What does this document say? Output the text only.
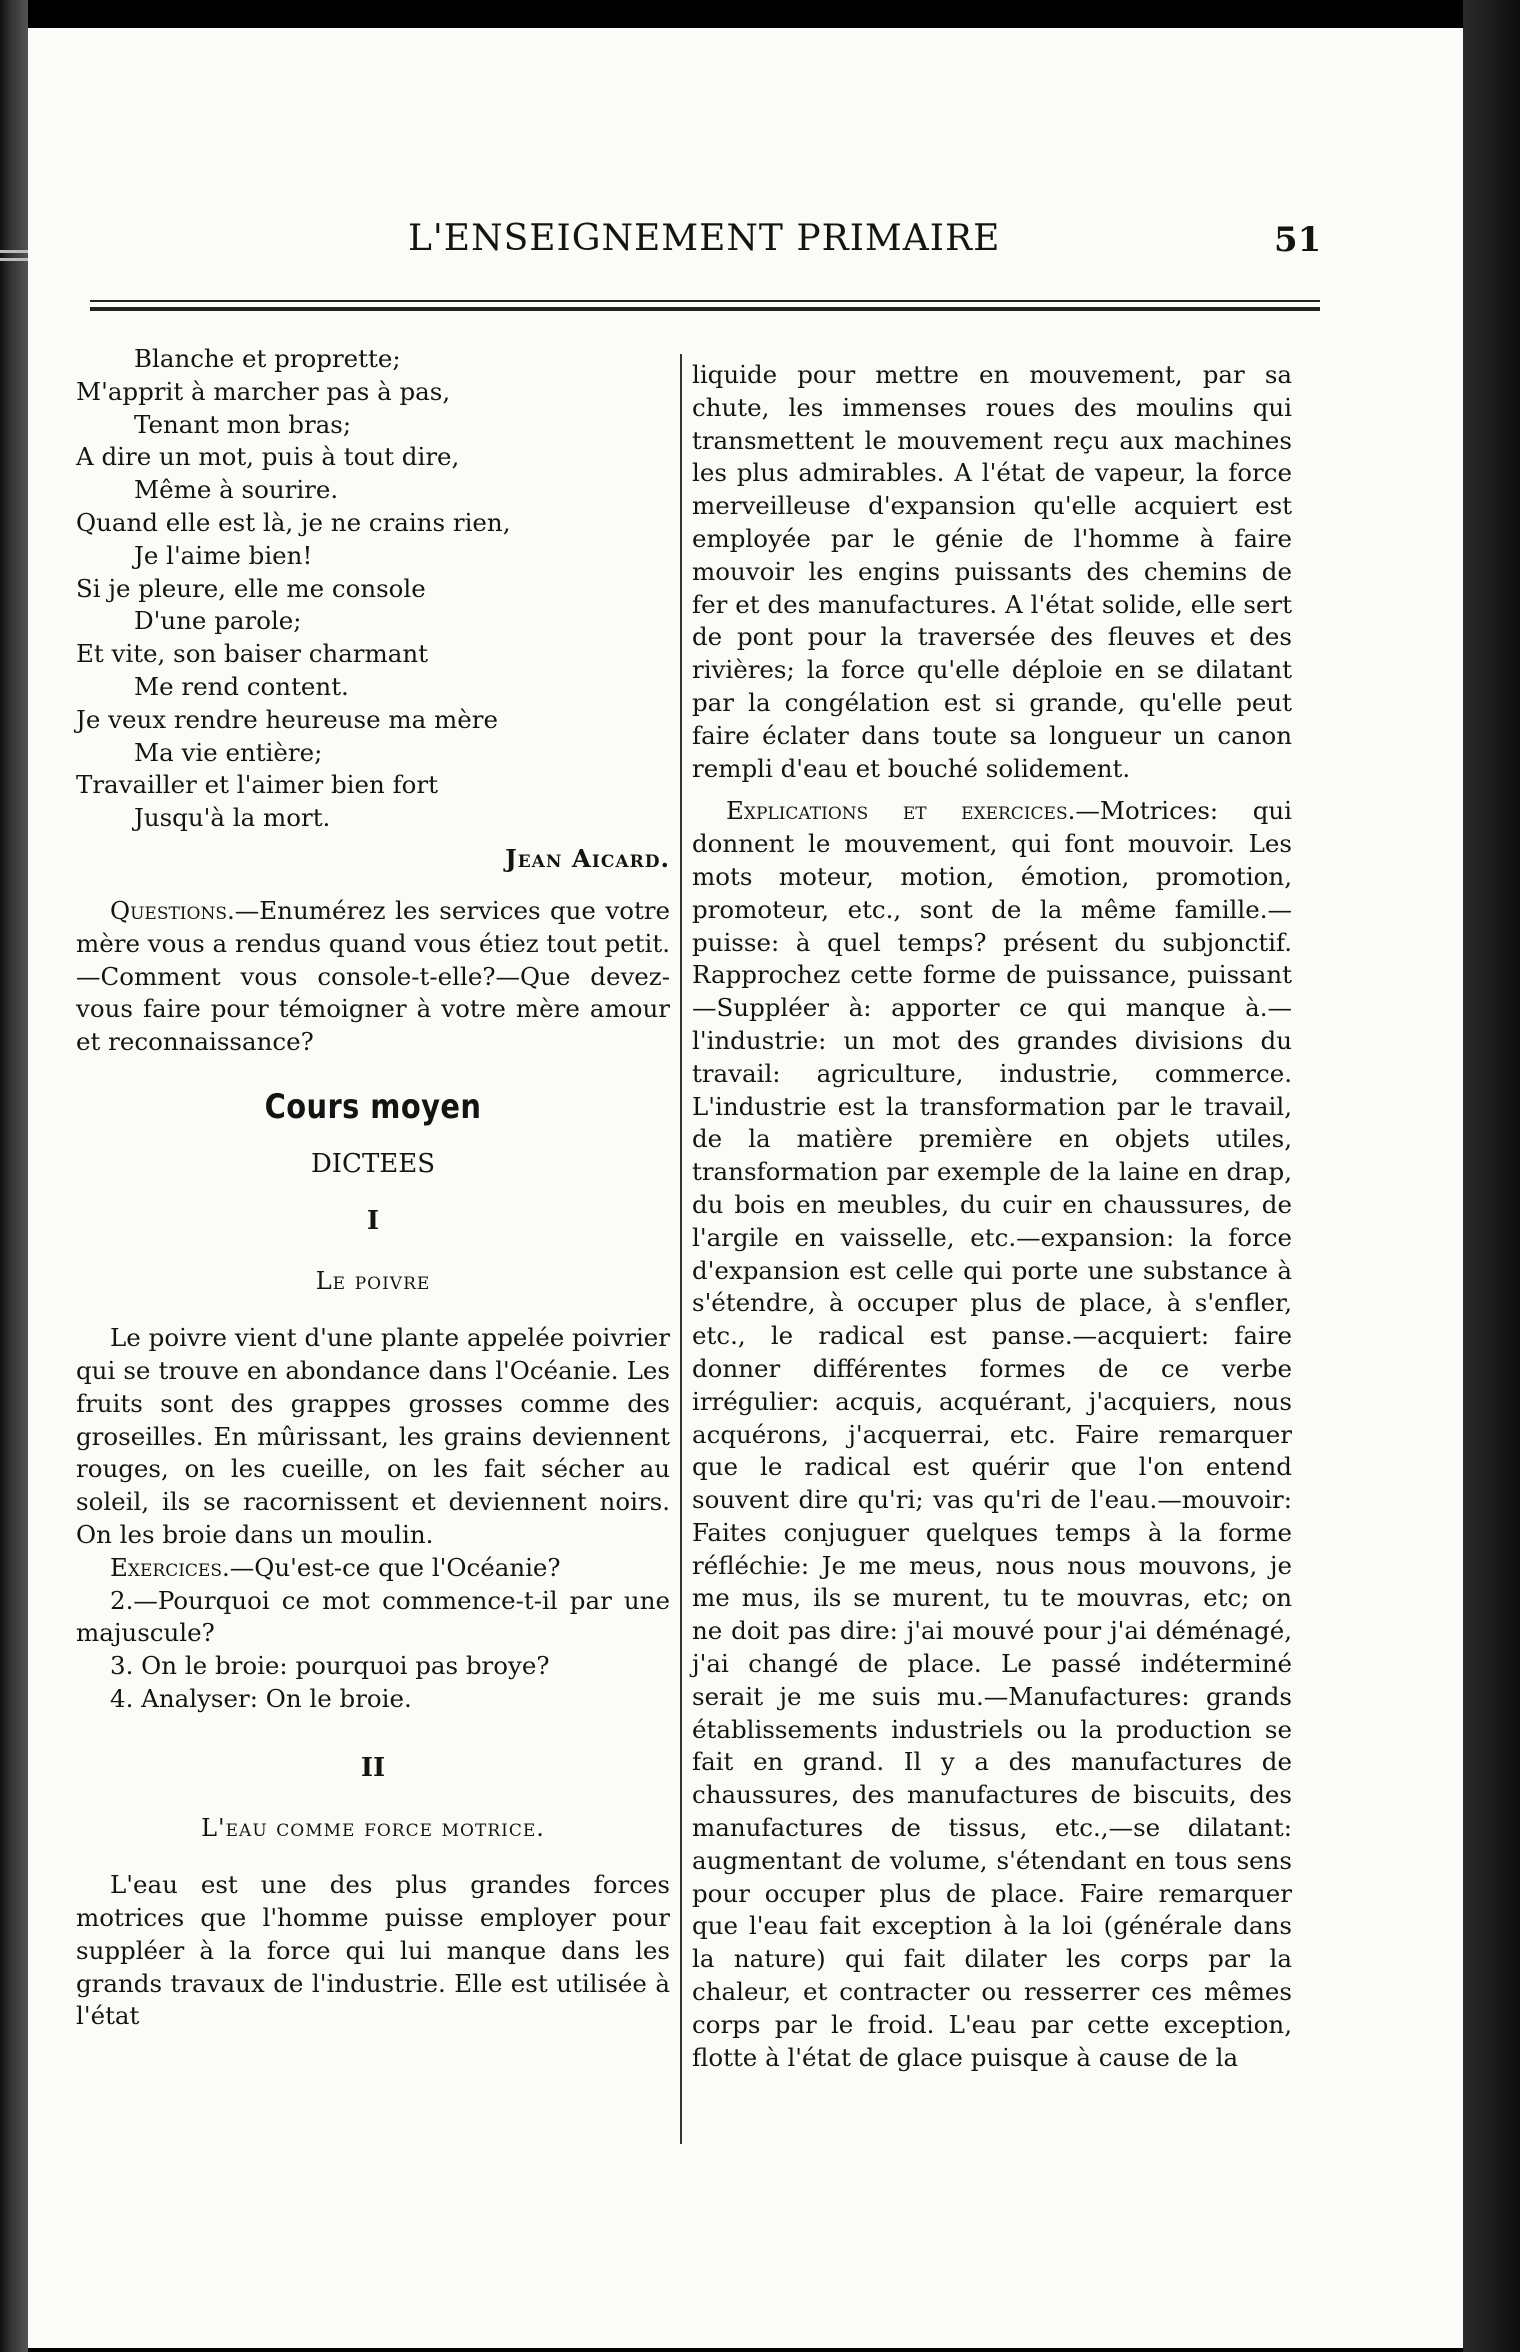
L'ENSEIGNEMENT PRIMAIRE	51
Blanche et proprette;
M'apprit à marcher pas à pas,
Tenant mon bras;
A dire un mot, puis à tout dire,
Même à sourire.
Quand elle est là, je ne crains rien,
Je l'aime bien!
Si je pleure, elle me console
D'une parole;
Et vite, son baiser charmant
Me rend content.
Je veux rendre heureuse ma mère
Ma vie entière;
Travailler et l'aimer bien fort
Jusqu'à la mort.
Jean Aicard.
Questions.—Enumérez les services que votre mère vous a rendus quand vous étiez tout petit.—Comment vous console-t-elle?—Que devez-vous faire pour témoigner à votre mère amour et reconnaissance?
Cours moyen
DICTEES
I
Le poivre
Le poivre vient d'une plante appelée poivrier qui se trouve en abondance dans l'Océanie. Les fruits sont des grappes grosses comme des groseilles. En mûrissant, les grains deviennent rouges, on les cueille, on les fait sécher au soleil, ils se racornissent et deviennent noirs. On les broie dans un moulin.
Exercices.—Qu'est-ce que l'Océanie?
2.—Pourquoi ce mot commence-t-il par une majuscule?
3. On le broie: pourquoi pas broye?
4. Analyser: On le broie.
II
L'eau comme force motrice.
L'eau est une des plus grandes forces motrices que l'homme puisse employer pour suppléer à la force qui lui manque dans les grands travaux de l'industrie. Elle est utilisée à l'état
liquide pour mettre en mouvement, par sa chute, les immenses roues des moulins qui transmettent le mouvement reçu aux machines les plus admirables. A l'état de vapeur, la force merveilleuse d'expansion qu'elle acquiert est employée par le génie de l'homme à faire mouvoir les engins puissants des chemins de fer et des manufactures. A l'état solide, elle sert de pont pour la traversée des fleuves et des rivières; la force qu'elle déploie en se dilatant par la congélation est si grande, qu'elle peut faire éclater dans toute sa longueur un canon rempli d'eau et bouché solidement.
Explications et exercices.—Motrices: qui donnent le mouvement, qui font mouvoir. Les mots moteur, motion, émotion, promotion, promoteur, etc., sont de la même famille.—puisse: à quel temps? présent du subjonctif. Rapprochez cette forme de puissance, puissant—Suppléer à: apporter ce qui manque à.—l'industrie: un mot des grandes divisions du travail: agriculture, industrie, commerce. L'industrie est la transformation par le travail, de la matière première en objets utiles, transformation par exemple de la laine en drap, du bois en meubles, du cuir en chaussures, de l'argile en vaisselle, etc.—expansion: la force d'expansion est celle qui porte une substance à s'étendre, à occuper plus de place, à s'enfler, etc., le radical est panse.—acquiert: faire donner différentes formes de ce verbe irrégulier: acquis, acquérant, j'acquiers, nous acquérons, j'acquerrai, etc. Faire remarquer que le radical est quérir que l'on entend souvent dire qu'ri; vas qu'ri de l'eau.—mouvoir: Faites conjuguer quelques temps à la forme réfléchie: Je me meus, nous nous mouvons, je me mus, ils se murent, tu te mouvras, etc; on ne doit pas dire: j'ai mouvé pour j'ai déménagé, j'ai changé de place. Le passé indéterminé serait je me suis mu.—Manufactures: grands établissements industriels ou la production se fait en grand. Il y a des manufactures de chaussures, des manufactures de biscuits, des manufactures de tissus, etc.,—se dilatant: augmentant de volume, s'étendant en tous sens pour occuper plus de place. Faire remarquer que l'eau fait exception à la loi (générale dans la nature) qui fait dilater les corps par la chaleur, et contracter ou resserrer ces mêmes corps par le froid. L'eau par cette exception, flotte à l'état de glace puisque à cause de la
